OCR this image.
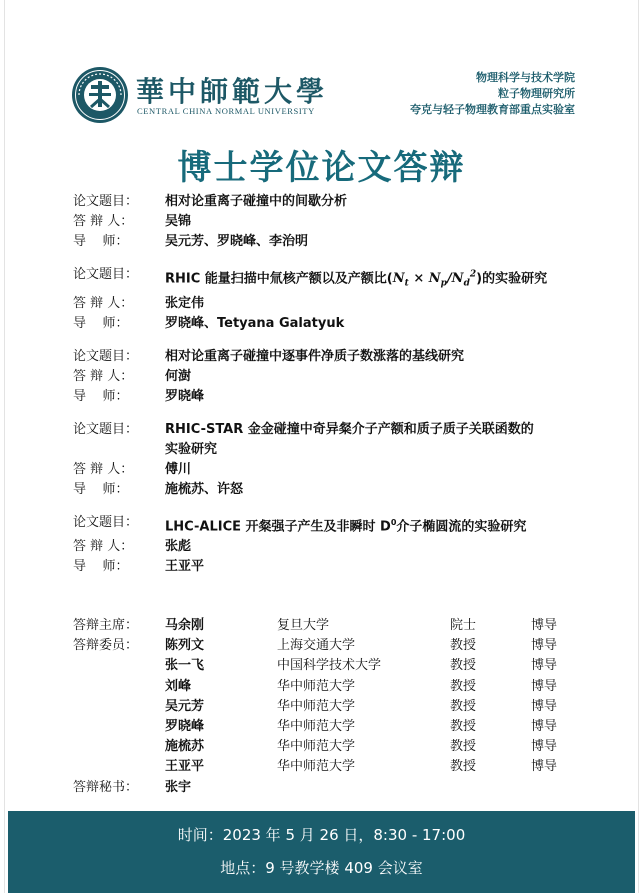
華中師範大學
CENTRAL CHINA NORMAL UNIVERSITY
物理科学与技术学院
粒子物理研究所
夸克与轻子物理教育部重点实验室
博士学位论文答辩
论文题目：	相对论重离子碰撞中的间歇分析
答 辩 人：	吴锦
导    师：	吴元芳、罗晓峰、李治明
论文题目：	RHIC 能量扫描中氚核产额以及产额比$(N_t \times N_p/N_d^2)$的实验研究
答 辩 人：	张定伟
导    师：	罗晓峰、Tetyana Galatyuk
论文题目：	相对论重离子碰撞中逐事件净质子数涨落的基线研究
答 辩 人：	何澍
导    师：	罗晓峰
论文题目：	RHIC-STAR 金金碰撞中奇异粲介子产额和质子质子关联函数的
实验研究
答 辩 人：	傅川
导    师：	施梳苏、许怒
论文题目：	LHC-ALICE 开粲强子产生及非瞬时 $D^0$介子椭圆流的实验研究
答 辩 人：	张彪
导    师：	王亚平
答辩主席：	马余刚	复旦大学	院士	博导
答辩委员：	陈列文	上海交通大学	教授	博导
张一飞	中国科学技术大学	教授	博导
刘峰	华中师范大学	教授	博导
吴元芳	华中师范大学	教授	博导
罗晓峰	华中师范大学	教授	博导
施梳苏	华中师范大学	教授	博导
王亚平	华中师范大学	教授	博导
答辩秘书：	张宇
时间：2023 年 5 月 26 日，8:30 - 17:00
地点：9 号教学楼 409 会议室
